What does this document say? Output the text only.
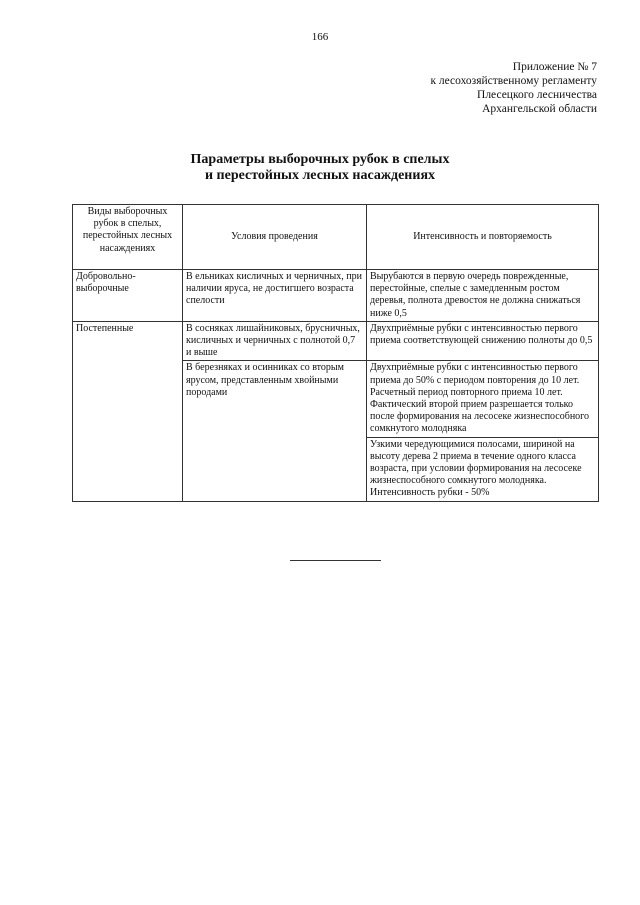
166
Приложение № 7
к лесохозяйственному регламенту
Плесецкого лесничества
Архангельской области
Параметры выборочных рубок в спелых
и перестойных лесных насаждениях
Виды выборочных рубок в спелых, перестойных лесных насаждениях	Условия проведения	Интенсивность и повторяемость
Добровольно-выборочные	В ельниках кисличных и черничных, при наличии яруса, не достигшего возраста спелости	Вырубаются в первую очередь поврежденные, перестойные, спелые с замедленным ростом деревья, полнота древостоя не должна снижаться ниже 0,5
Постепенные	В сосняках лишайниковых, брусничных, кисличных и черничных с полнотой 0,7 и выше	Двухприёмные рубки с интенсивностью первого приема соответствующей снижению полноты до 0,5
	В березняках и осинниках со вторым ярусом, представленным хвойными породами	Двухприёмные рубки с интенсивностью первого приема до 50% с периодом повторения до 10 лет. Расчетный период повторного приема 10 лет. Фактический второй прием разрешается только после формирования на лесосеке жизнеспособного сомкнутого молодняка
		Узкими чередующимися полосами, шириной на высоту дерева 2 приема в течение одного класса возраста, при условии формирования на лесосеке жизнеспособного сомкнутого молодняка. Интенсивность рубки - 50%
